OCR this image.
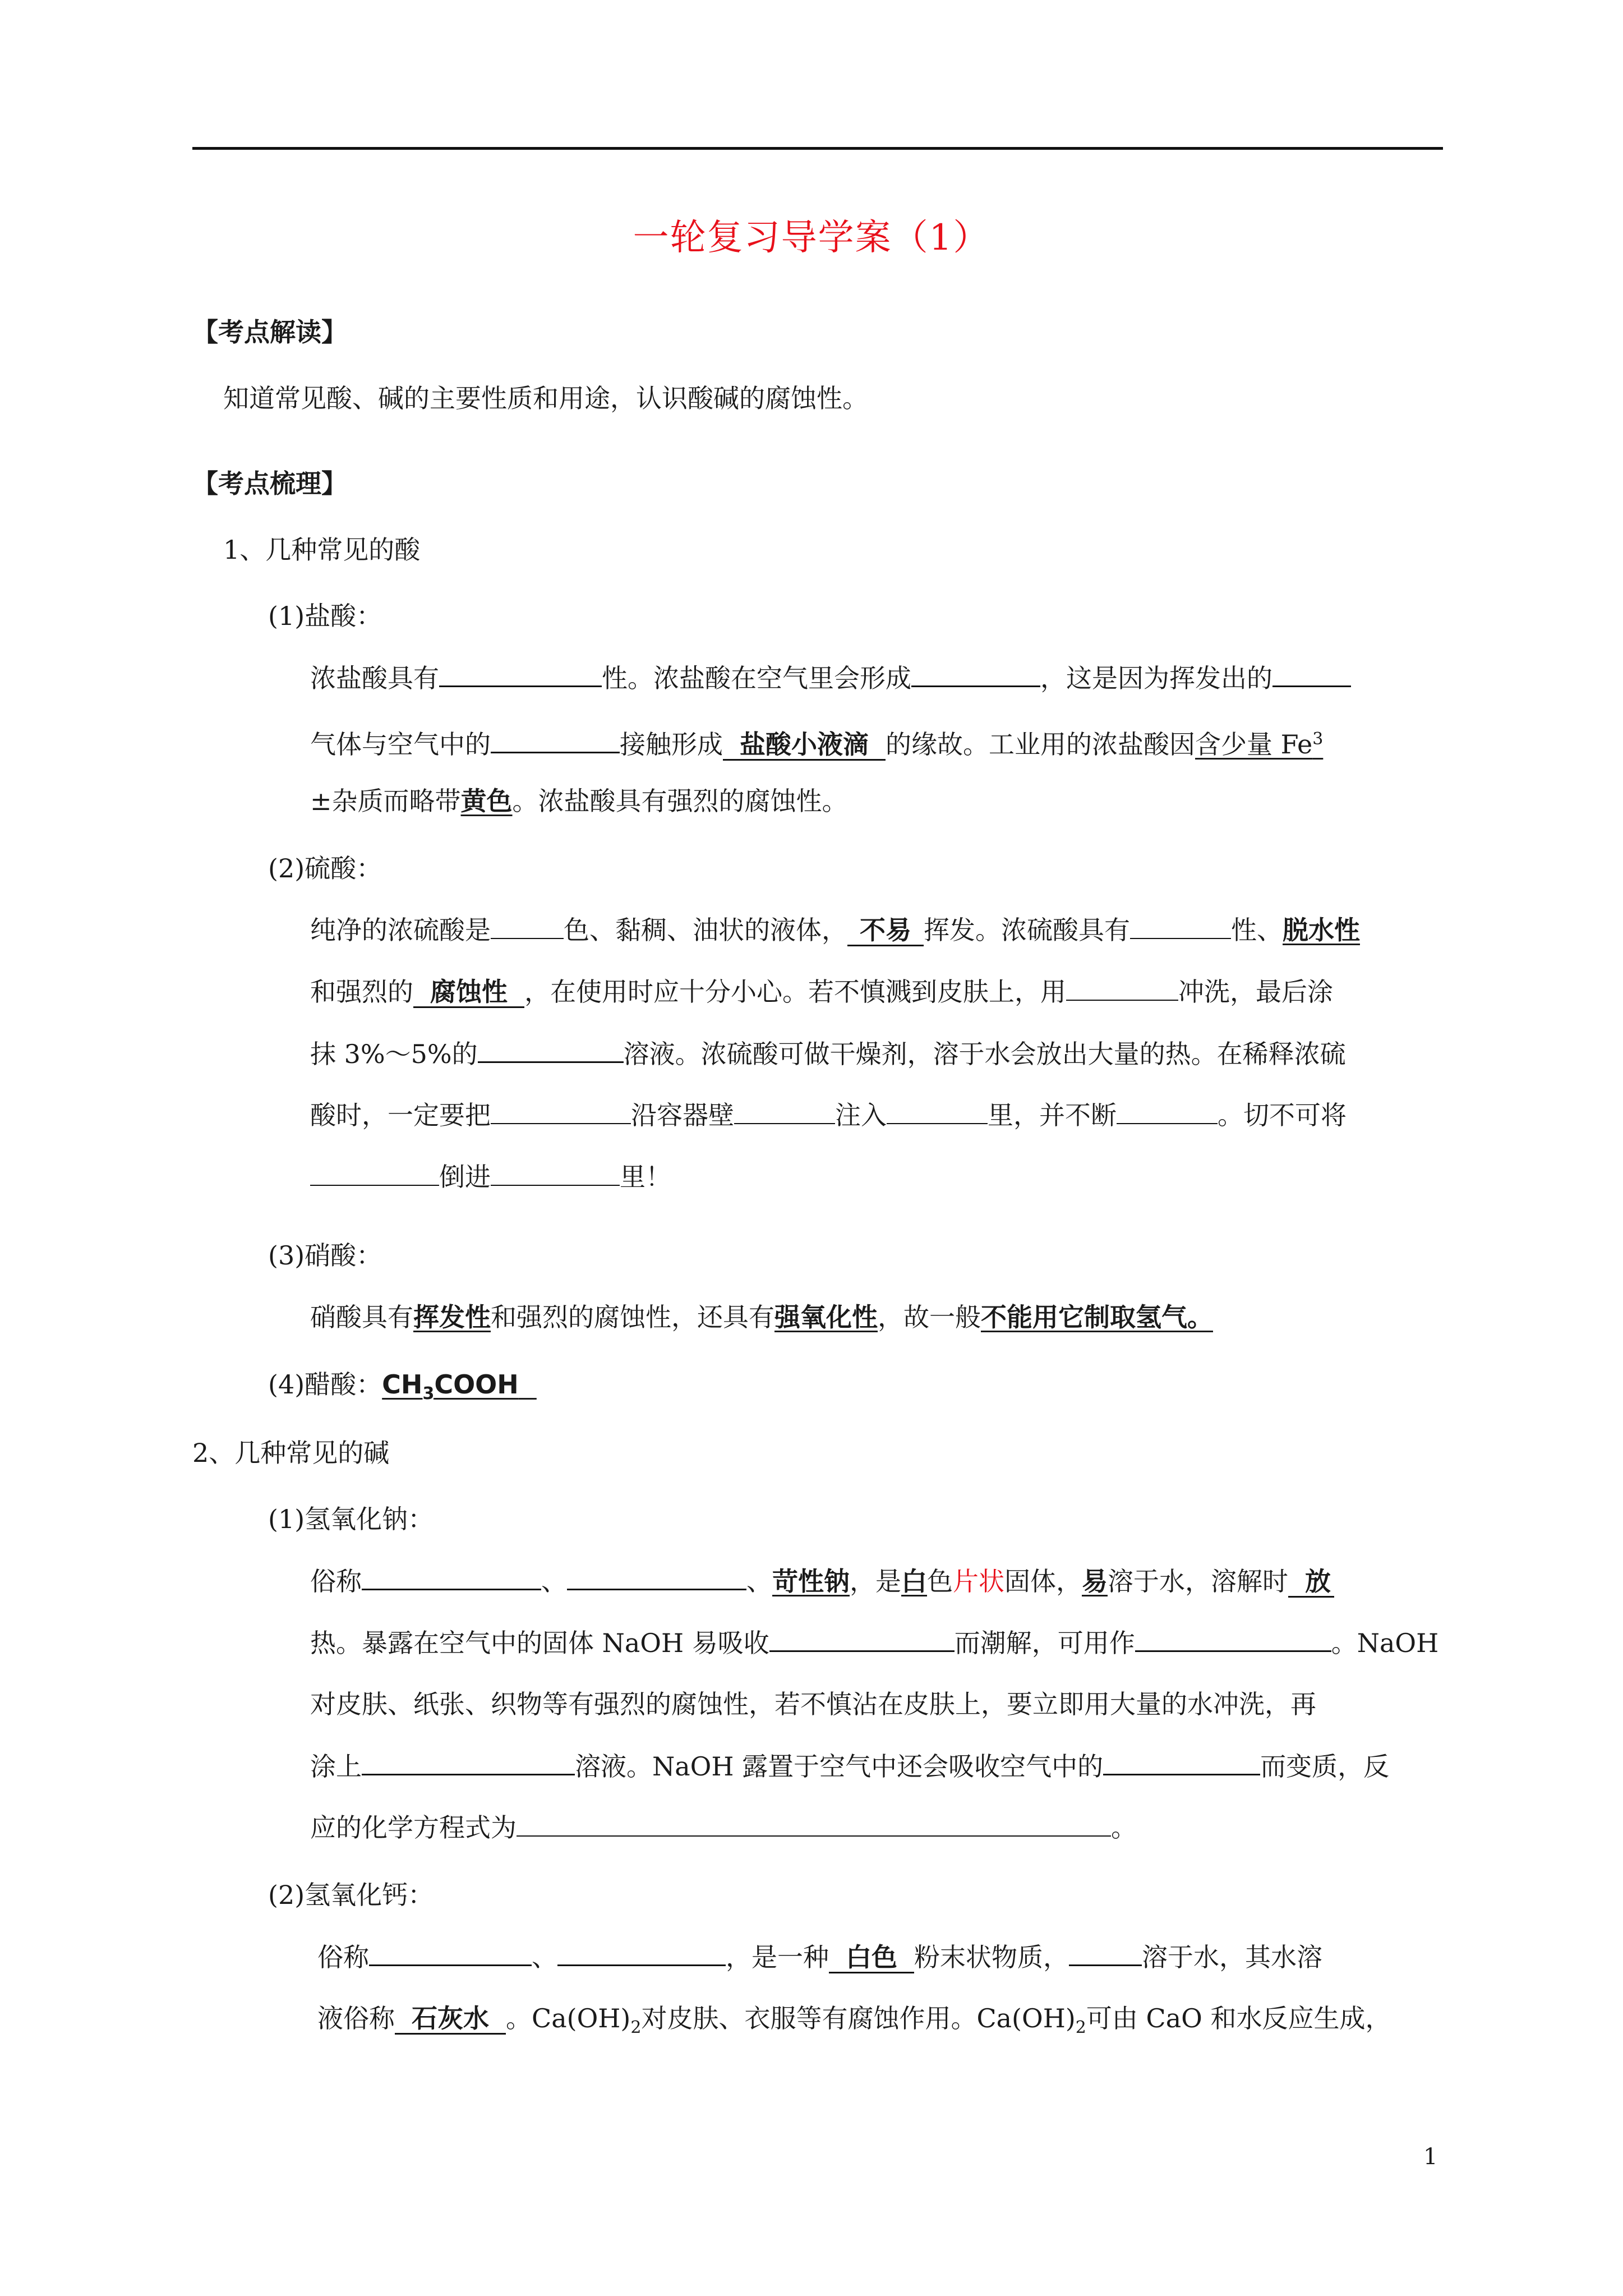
一轮复习导学案（1）
【考点解读】
知道常见酸、碱的主要性质和用途，认识酸碱的腐蚀性。
【考点梳理】
1、几种常见的酸
(1)盐酸：
浓盐酸具有	性。浓盐酸在空气里会形成	，这是因为挥发出的
气体与空气中的	接触形成 盐酸小液滴 的缘故。工业用的浓盐酸因含少量 $Fe^3$
±杂质而略带黄色。浓盐酸具有强烈的腐蚀性。
(2)硫酸：
纯净的浓硫酸是	色、黏稠、油状的液体， 不易 挥发。浓硫酸具有	性、脱水性
和强烈的 腐蚀性 ，在使用时应十分小心。若不慎溅到皮肤上，用	冲洗，最后涂
抹 3%～5%的	溶液。浓硫酸可做干燥剂，溶于水会放出大量的热。在稀释浓硫
酸时，一定要把	沿容器壁	注入	里，并不断	。切不可将
倒进	里！
(3)硝酸：
硝酸具有挥发性和强烈的腐蚀性，还具有强氧化性，故一般不能用它制取氢气。
(4)醋酸：$CH_3COOH$
2、几种常见的碱
(1)氢氧化钠：
俗称	、	、苛性钠，是白色片状固体，易溶于水，溶解时 放
热。暴露在空气中的固体 NaOH 易吸收	而潮解，可用作	。NaOH
对皮肤、纸张、织物等有强烈的腐蚀性，若不慎沾在皮肤上，要立即用大量的水冲洗，再
涂上	溶液。NaOH 露置于空气中还会吸收空气中的	而变质，反
应的化学方程式为	。
(2)氢氧化钙：
俗称	、	，是一种 白色 粉末状物质，	溶于水，其水溶
液俗称 石灰水 。$Ca(OH)_2$对皮肤、衣服等有腐蚀作用。$Ca(OH)_2$可由 CaO 和水反应生成，
1
